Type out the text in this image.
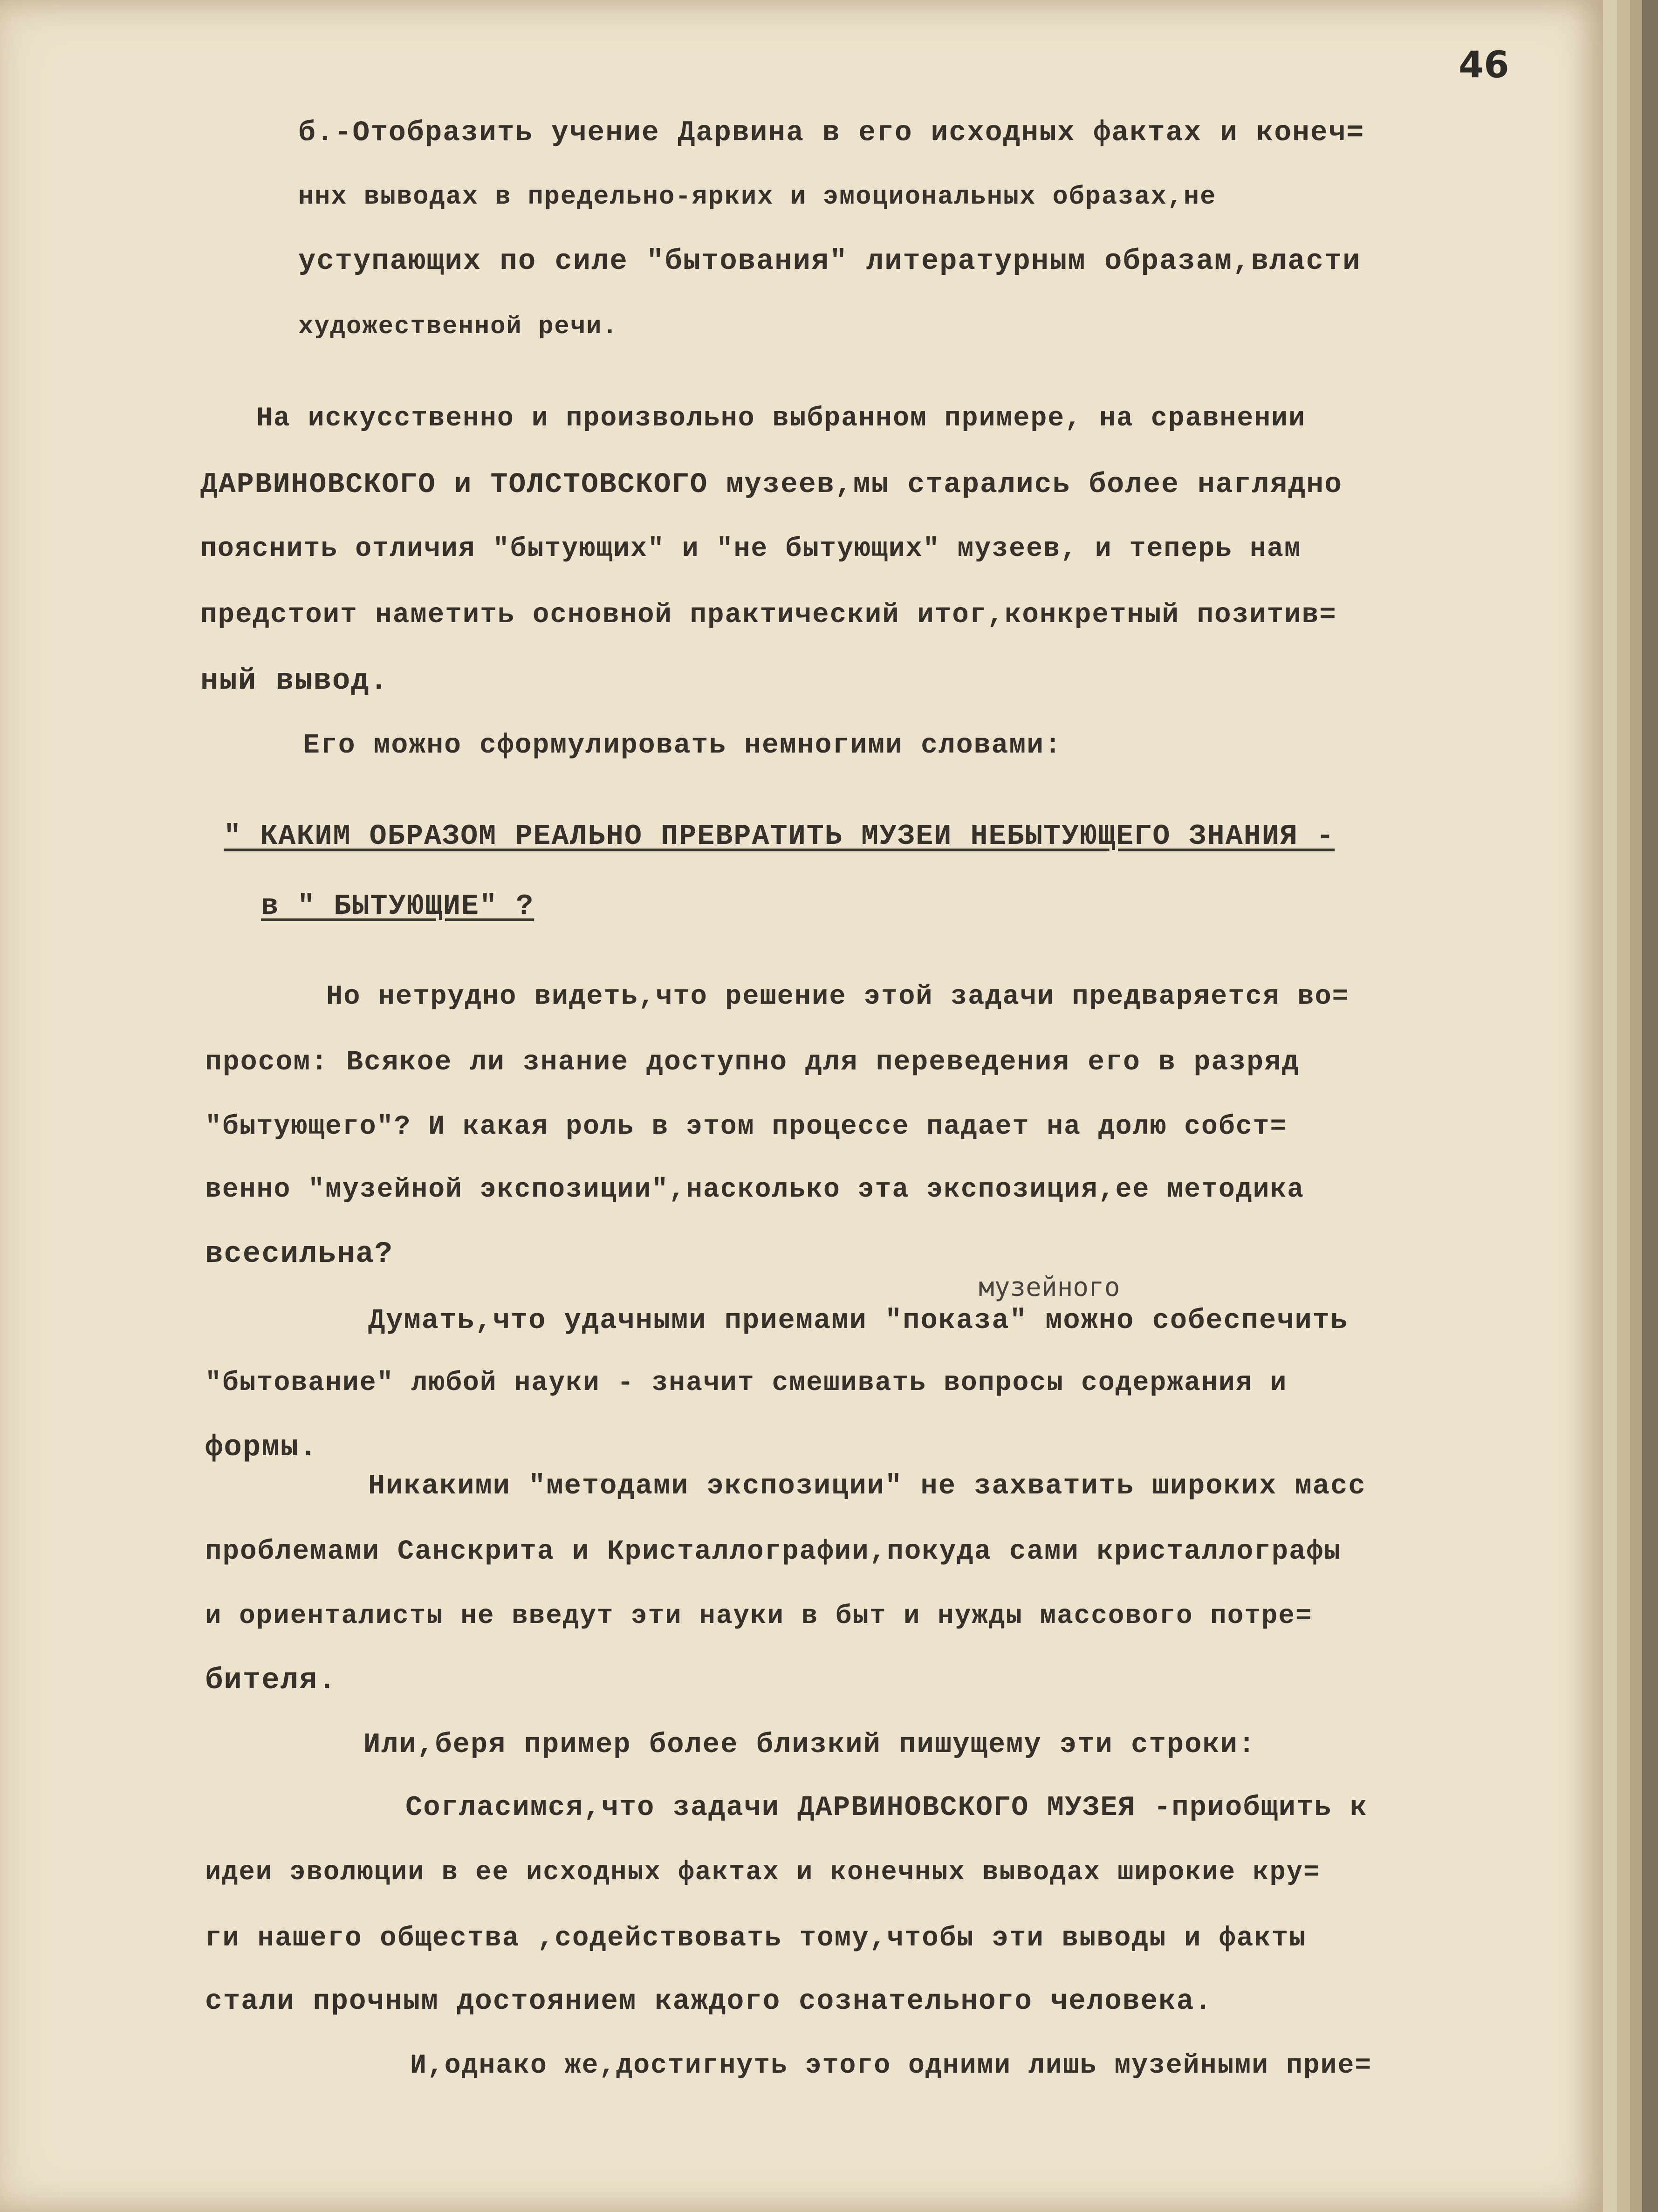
46
б.-Отобразить учение Дарвина в его исходных фактах и конеч=
ннх выводах в предельно-ярких и эмоциональных образах,не
уступающих по силе "бытования" литературным образам,власти
художественной речи.
На искусственно и произвольно выбранном примере, на сравнении
ДАРВИНОВСКОГО и ТОЛСТОВСКОГО музеев,мы старались более наглядно
пояснить отличия "бытующих" и "не бытующих" музеев, и теперь нам
предстоит наметить основной практический итог,конкретный позитив=
ный вывод.
Его можно сформулировать немногими словами:
" КАКИМ ОБРАЗОМ РЕАЛЬНО ПРЕВРАТИТЬ МУЗЕИ НЕБЫТУЮЩЕГО ЗНАНИЯ -
в " БЫТУЮЩИЕ" ?
Но нетрудно видеть,что решение этой задачи предваряется во=
просом: Всякое ли знание доступно для переведения его в разряд
"бытующего"? И какая роль в этом процессе падает на долю собст=
венно "музейной экспозиции",насколько эта экспозиция,ее методика
всесильна?
музейного
Думать,что удачными приемами "показа" можно собеспечить
"бытование" любой науки - значит смешивать вопросы содержания и
формы.
Никакими "методами экспозиции" не захватить широких масс
проблемами Санскрита и Кристаллографии,покуда сами кристаллографы
и ориенталисты не введут эти науки в быт и нужды массового потре=
бителя.
Или,беря пример более близкий пишущему эти строки:
Согласимся,что задачи ДАРВИНОВСКОГО МУЗЕЯ -приобщить к
идеи эволюции в ее исходных фактах и конечных выводах широкие кру=
ги нашего общества ,содействовать тому,чтобы эти выводы и факты
стали прочным достоянием каждого сознательного человека.
И,однако же,достигнуть этого одними лишь музейными прие=
